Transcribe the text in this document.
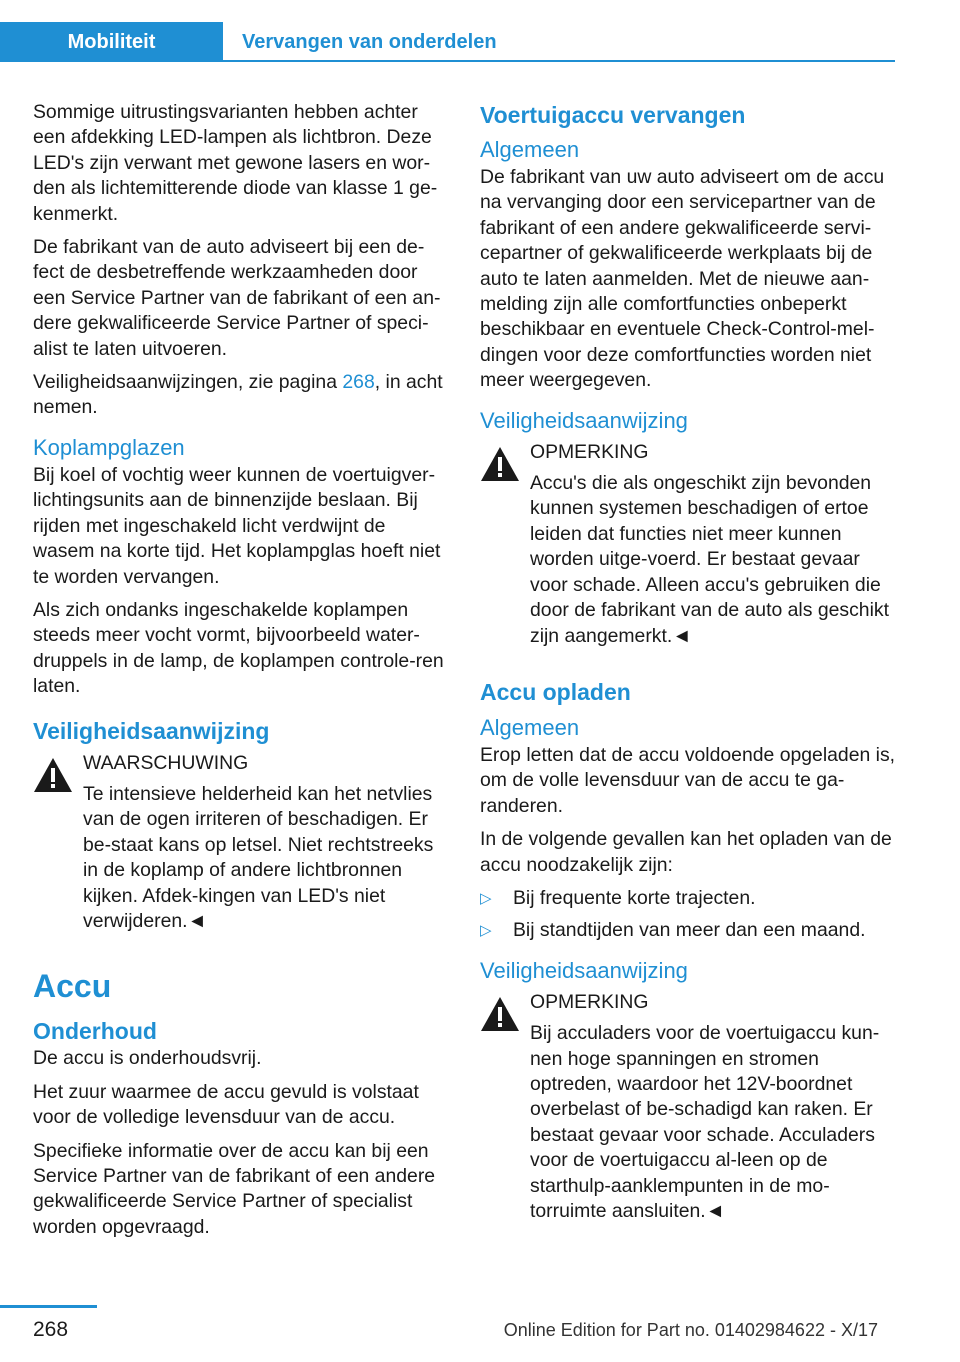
Mobiliteit	Vervangen van onderdelen

Sommige uitrustingsvarianten hebben achter een afdekking LED-lampen als lichtbron. Deze LED's zijn verwant met gewone lasers en wor-den als lichtemitterende diode van klasse 1 ge-kenmerkt.

De fabrikant van de auto adviseert bij een de-fect de desbetreffende werkzaamheden door een Service Partner van de fabrikant of een an-dere gekwalificeerde Service Partner of speci-alist te laten uitvoeren.

Veiligheidsaanwijzingen, zie pagina 268, in acht nemen.

Koplampglazen

Bij koel of vochtig weer kunnen de voertuigver-lichtingsunits aan de binnenzijde beslaan. Bij rijden met ingeschakeld licht verdwijnt de wasem na korte tijd. Het koplampglas hoeft niet te worden vervangen.

Als zich ondanks ingeschakelde koplampen steeds meer vocht vormt, bijvoorbeeld water-druppels in de lamp, de koplampen controle-ren laten.

Veiligheidsaanwijzing
WAARSCHUWING
Te intensieve helderheid kan het netvlies van de ogen irriteren of beschadigen. Er be-staat kans op letsel. Niet rechtstreeks in de koplamp of andere lichtbronnen kijken. Afdek-kingen van LED's niet verwijderen.◄
Accu
Onderhoud

De accu is onderhoudsvrij.

Het zuur waarmee de accu gevuld is volstaat voor de volledige levensduur van de accu.

Specifieke informatie over de accu kan bij een Service Partner van de fabrikant of een andere gekwalificeerde Service Partner of specialist worden opgevraagd.

Voertuigaccu vervangen
Algemeen

De fabrikant van uw auto adviseert om de accu na vervanging door een servicepartner van de fabrikant of een andere gekwalificeerde servi-cepartner of gekwalificeerde werkplaats bij de auto te laten aanmelden. Met de nieuwe aan-melding zijn alle comfortfuncties onbeperkt beschikbaar en eventuele Check-Control-mel-dingen voor deze comfortfuncties worden niet meer weergegeven.

Veiligheidsaanwijzing
OPMERKING
Accu's die als ongeschikt zijn bevonden kunnen systemen beschadigen of ertoe leiden dat functies niet meer kunnen worden uitge-voerd. Er bestaat gevaar voor schade. Alleen accu's gebruiken die door de fabrikant van de auto als geschikt zijn aangemerkt.◄
Accu opladen
Algemeen

Erop letten dat de accu voldoende opgeladen is, om de volle levensduur van de accu te ga-randeren.

In de volgende gevallen kan het opladen van de accu noodzakelijk zijn:

▷ Bij frequente korte trajecten.
▷ Bij standtijden van meer dan een maand.
Veiligheidsaanwijzing
OPMERKING
Bij acculaders voor de voertuigaccu kun-nen hoge spanningen en stromen optreden, waardoor het 12V-boordnet overbelast of be-schadigd kan raken. Er bestaat gevaar voor schade. Acculaders voor de voertuigaccu al-leen op de starthulp-aanklempunten in de mo-torruimte aansluiten.◄
268	Online Edition for Part no. 01402984622 - X/17
